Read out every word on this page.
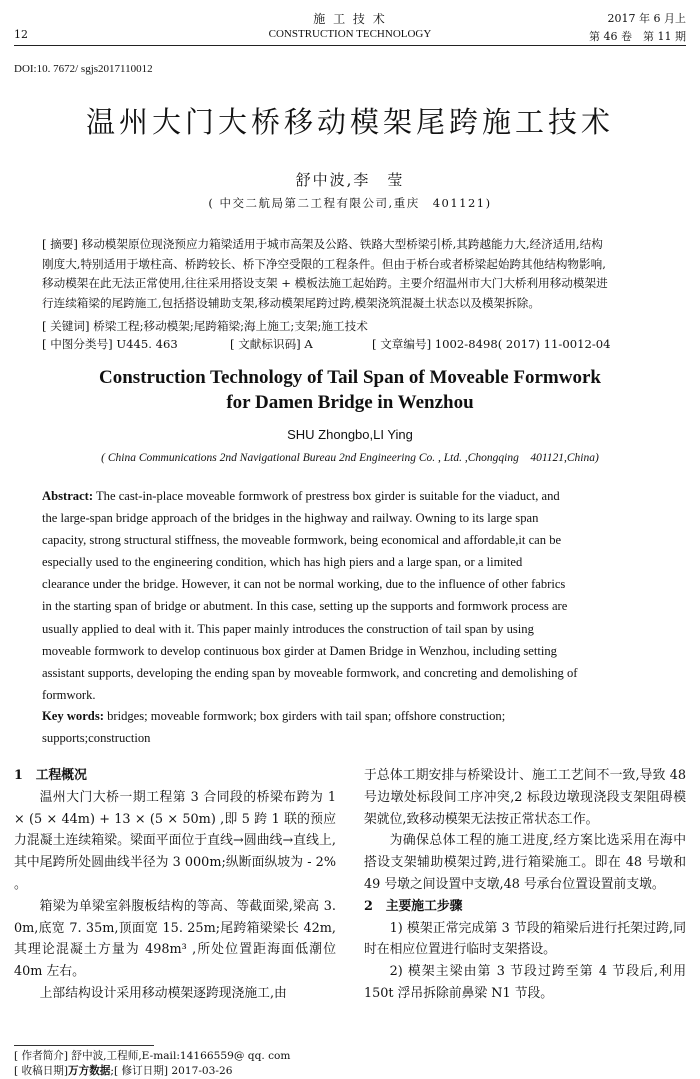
12
施 工 技 术
CONSTRUCTION TECHNOLOGY
2017 年 6 月上
第 46 卷　第 11 期
DOI:10. 7672/ sgjs2017110012
温州大门大桥移动模架尾跨施工技术
舒中波,李　莹
( 中交二航局第二工程有限公司,重庆　401121)
[ 摘要] 移动模架原位现浇预应力箱梁适用于城市高架及公路、铁路大型桥梁引桥,其跨越能力大,经济适用,结构
刚度大,特别适用于墩柱高、桥跨较长、桥下净空受限的工程条件。但由于桥台或者桥梁起始跨其他结构物影响,
移动模架在此无法正常使用,往往采用搭设支架 + 模板法施工起始跨。主要介绍温州市大门大桥利用移动模架进
行连续箱梁的尾跨施工,包括搭设辅助支架,移动模架尾跨过跨,模架浇筑混凝土状态以及模架拆除。
[ 关键词] 桥梁工程;移动模架;尾跨箱梁;海上施工;支架;施工技术
[ 中图分类号] U445. 463	[ 文献标识码] A	[ 文章编号] 1002-8498( 2017) 11-0012-04
Construction Technology of Tail Span of Moveable Formwork
for Damen Bridge in Wenzhou
SHU Zhongbo,LI Ying
( China Communications 2nd Navigational Bureau 2nd Engineering Co. , Ltd. ,Chongqing　401121,China)
Abstract: The cast-in-place moveable formwork of prestress box girder is suitable for the viaduct, and
the large-span bridge approach of the bridges in the highway and railway. Owning to its large span
capacity, strong structural stiffness, the moveable formwork, being economical and affordable,it can be
especially used to the engineering condition, which has high piers and a large span, or a limited
clearance under the bridge. However, it can not be normal working, due to the influence of other fabrics
in the starting span of bridge or abutment. In this case, setting up the supports and formwork process are
usually applied to deal with it. This paper mainly introduces the construction of tail span by using
moveable formwork to develop continuous box girder at Damen Bridge in Wenzhou, including setting
assistant supports, developing the ending span by moveable formwork, and concreting and demolishing of
formwork.
Key words: bridges; moveable formwork; box girders with tail span; offshore construction;
supports;construction
1　工程概况

温州大门大桥一期工程第 3 合同段的桥梁布跨为 1 × (5 × 44m) + 13 × (5 × 50m) ,即 5 跨 1 联的预应力混凝土连续箱梁。梁面平面位于直线→圆曲线→直线上,其中尾跨所处圆曲线半径为 3 000m;纵断面纵坡为 - 2% 。

箱梁为单梁室斜腹板结构的等高、等截面梁,梁高 3. 0m,底宽 7. 35m,顶面宽 15. 25m;尾跨箱梁梁长 42m,其理论混凝土方量为 498m³ ,所处位置距海面低潮位 40m 左右。

上部结构设计采用移动模架逐跨现浇施工,由

[ 作者简介] 舒中波,工程师,E-mail:14166559@ qq. com
[ 收稿日期]万方数据;[ 修订日期] 2017-03-26

于总体工期安排与桥梁设计、施工工艺间不一致,导致 48 号边墩处标段间工序冲突,2 标段边墩现浇段支架阻碍模架就位,致移动模架无法按正常状态工作。

为确保总体工程的施工进度,经方案比选采用在海中搭设支架辅助模架过跨,进行箱梁施工。即在 48 号墩和 49 号墩之间设置中支墩,48 号承台位置设置前支墩。

2　主要施工步骤

1) 模架正常完成第 3 节段的箱梁后进行托架过跨,同时在相应位置进行临时支架搭设。

2) 模架主梁由第 3 节段过跨至第 4 节段后,利用 150t 浮吊拆除前鼻梁 N1 节段。
